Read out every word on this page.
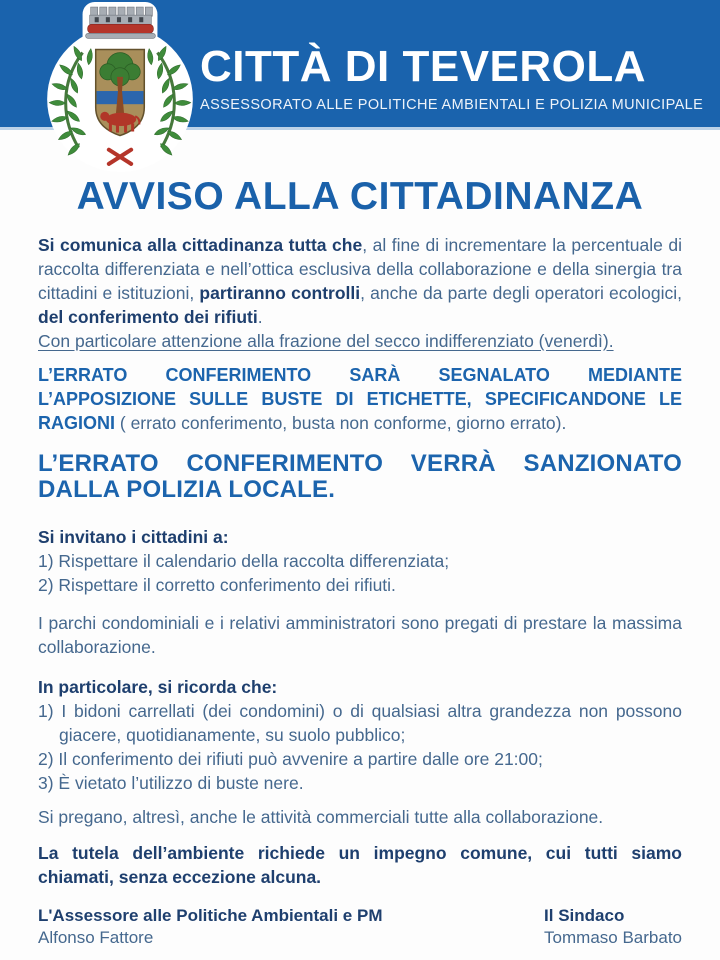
CITTÀ DI TEVEROLA
ASSESSORATO ALLE POLITICHE AMBIENTALI E POLIZIA MUNICIPALE
AVVISO ALLA CITTADINANZA
Si comunica alla cittadinanza tutta che, al fine di incrementare la percentuale di raccolta differenziata e nell’ottica esclusiva della collaborazione e della sinergia tra cittadini e istituzioni, partiranno controlli, anche da parte degli operatori ecologici, del conferimento dei rifiuti.
Con particolare attenzione alla frazione del secco indifferenziato (venerdì).
L’ERRATO CONFERIMENTO SARÀ SEGNALATO MEDIANTE L’APPOSIZIONE SULLE BUSTE DI ETICHETTE, SPECIFICANDONE LE RAGIONI ( errato conferimento, busta non conforme, giorno errato).
L’ERRATO CONFERIMENTO VERRÀ SANZIONATO DALLA POLIZIA LOCALE.
Si invitano i cittadini a:
1) Rispettare il calendario della raccolta differenziata;
2) Rispettare il corretto conferimento dei rifiuti.
I parchi condominiali e i relativi amministratori sono pregati di prestare la massima collaborazione.
In particolare, si ricorda che:
1) I bidoni carrellati (dei condomini) o di qualsiasi altra grandezza non possono giacere, quotidianamente, su suolo pubblico;
2) Il conferimento dei rifiuti può avvenire a partire dalle ore 21:00;
3) È vietato l’utilizzo di buste nere.
Si pregano, altresì, anche le attività commerciali tutte alla collaborazione.
La tutela dell’ambiente richiede un impegno comune, cui tutti siamo chiamati, senza eccezione alcuna.
L'Assessore alle Politiche Ambientali e PM
Alfonso Fattore
Il Sindaco
Tommaso Barbato
